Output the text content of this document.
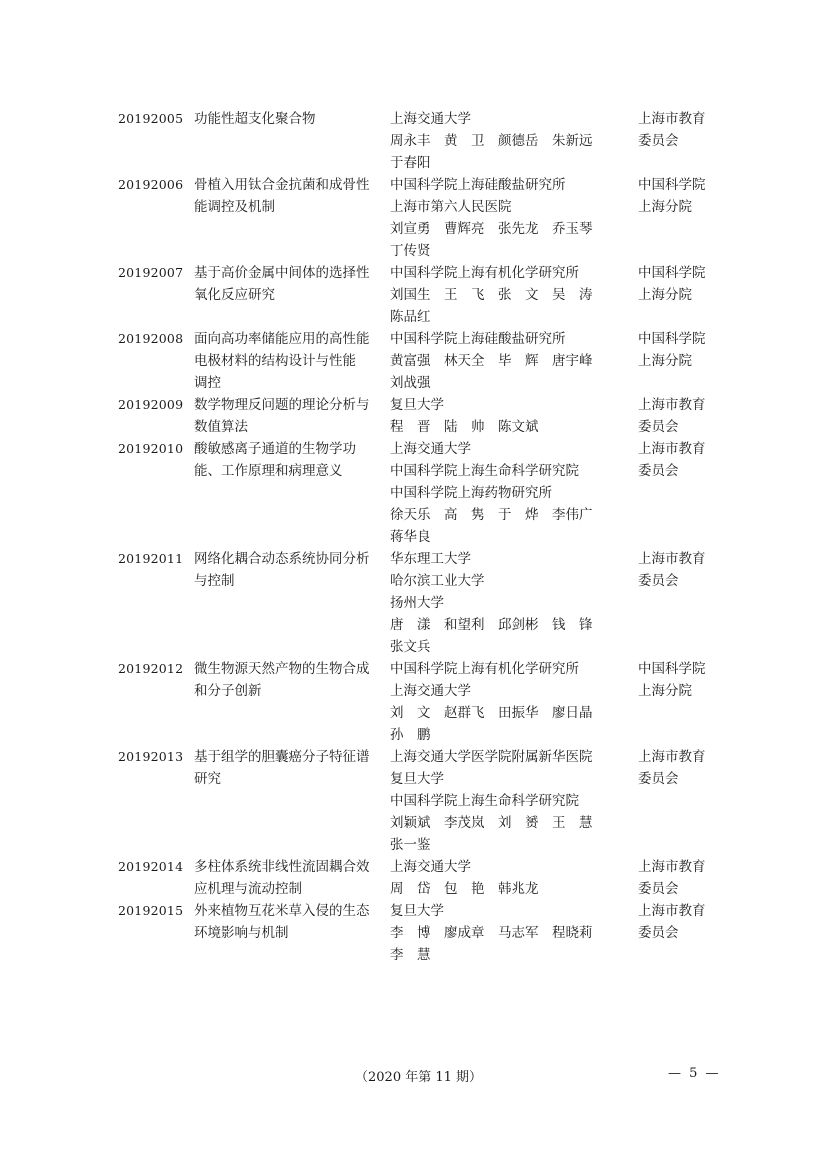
20192005 功能性超支化聚合物	上海交通大学
周永丰　黄　卫　颜德岳　朱新远
于春阳
上海市教育
委员会
20192006 骨植入用钛合金抗菌和成骨性
能调控及机制
中国科学院上海硅酸盐研究所
上海市第六人民医院
刘宣勇　曹辉亮　张先龙　乔玉琴
丁传贤
中国科学院
上海分院
20192007 基于高价金属中间体的选择性
氧化反应研究
中国科学院上海有机化学研究所
刘国生　王　飞　张　文　吴　涛
陈品红
中国科学院
上海分院
20192008 面向高功率储能应用的高性能
电极材料的结构设计与性能
调控
中国科学院上海硅酸盐研究所
黄富强　林天全　毕　辉　唐宇峰
刘战强
中国科学院
上海分院
20192009 数学物理反问题的理论分析与
数值算法
复旦大学
程　晋　陆　帅　陈文斌
上海市教育
委员会
20192010 酸敏感离子通道的生物学功
能、工作原理和病理意义
上海交通大学
中国科学院上海生命科学研究院
中国科学院上海药物研究所
徐天乐　高　隽　于　烨　李伟广
蒋华良
上海市教育
委员会
20192011 网络化耦合动态系统协同分析
与控制
华东理工大学
哈尔滨工业大学
扬州大学
唐　漾　和望利　邱剑彬　钱　锋
张文兵
上海市教育
委员会
20192012 微生物源天然产物的生物合成
和分子创新
中国科学院上海有机化学研究所
上海交通大学
刘　文　赵群飞　田振华　廖日晶
孙　鹏
中国科学院
上海分院
20192013 基于组学的胆囊癌分子特征谱
研究
上海交通大学医学院附属新华医院
复旦大学
中国科学院上海生命科学研究院
刘颖斌　李茂岚　刘　赟　王　慧
张一鉴
上海市教育
委员会
20192014 多柱体系统非线性流固耦合效
应机理与流动控制
上海交通大学
周　岱　包　艳　韩兆龙
上海市教育
委员会
20192015 外来植物互花米草入侵的生态
环境影响与机制
复旦大学
李　博　廖成章　马志军　程晓莉
李　慧
上海市教育
委员会
（2020 年第 11 期）	— 5 —
